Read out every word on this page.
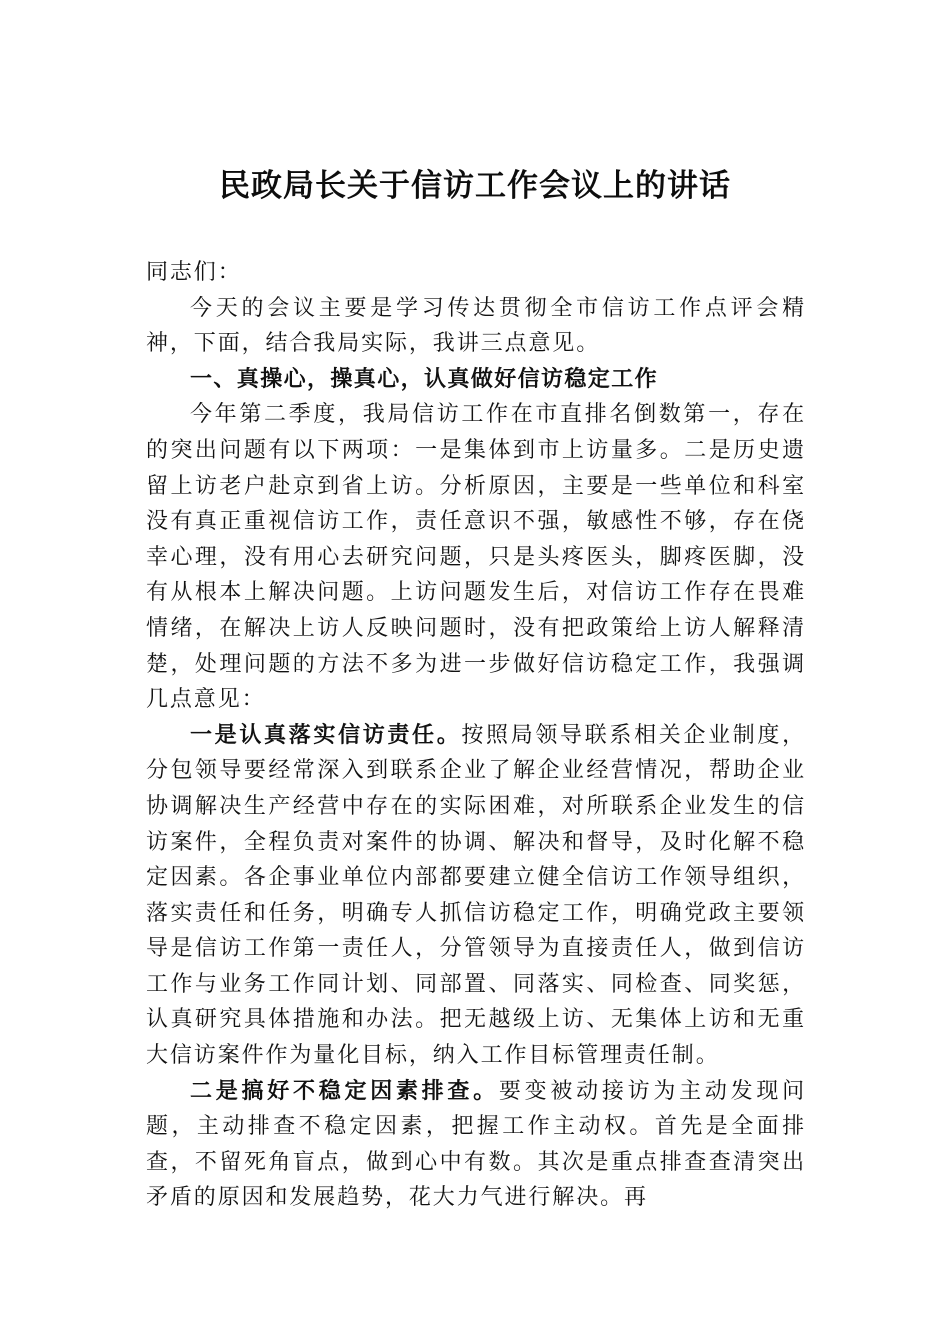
民政局长关于信访工作会议上的讲话

同志们：

今天的会议主要是学习传达贯彻全市信访工作点评会精神，下面，结合我局实际，我讲三点意见。

一、真操心，操真心，认真做好信访稳定工作

今年第二季度，我局信访工作在市直排名倒数第一，存在的突出问题有以下两项：一是集体到市上访量多。二是历史遗留上访老户赴京到省上访。分析原因，主要是一些单位和科室没有真正重视信访工作，责任意识不强，敏感性不够，存在侥幸心理，没有用心去研究问题，只是头疼医头，脚疼医脚，没有从根本上解决问题。上访问题发生后，对信访工作存在畏难情绪，在解决上访人反映问题时，没有把政策给上访人解释清楚，处理问题的方法不多为进一步做好信访稳定工作，我强调几点意见：

一是认真落实信访责任。按照局领导联系相关企业制度，分包领导要经常深入到联系企业了解企业经营情况，帮助企业协调解决生产经营中存在的实际困难，对所联系企业发生的信访案件，全程负责对案件的协调、解决和督导，及时化解不稳定因素。各企事业单位内部都要建立健全信访工作领导组织，落实责任和任务，明确专人抓信访稳定工作，明确党政主要领导是信访工作第一责任人，分管领导为直接责任人，做到信访工作与业务工作同计划、同部置、同落实、同检查、同奖惩，认真研究具体措施和办法。把无越级上访、无集体上访和无重大信访案件作为量化目标，纳入工作目标管理责任制。

二是搞好不稳定因素排查。要变被动接访为主动发现问题，主动排查不稳定因素，把握工作主动权。首先是全面排查，不留死角盲点，做到心中有数。其次是重点排查查清突出矛盾的原因和发展趋势，花大力气进行解决。再
